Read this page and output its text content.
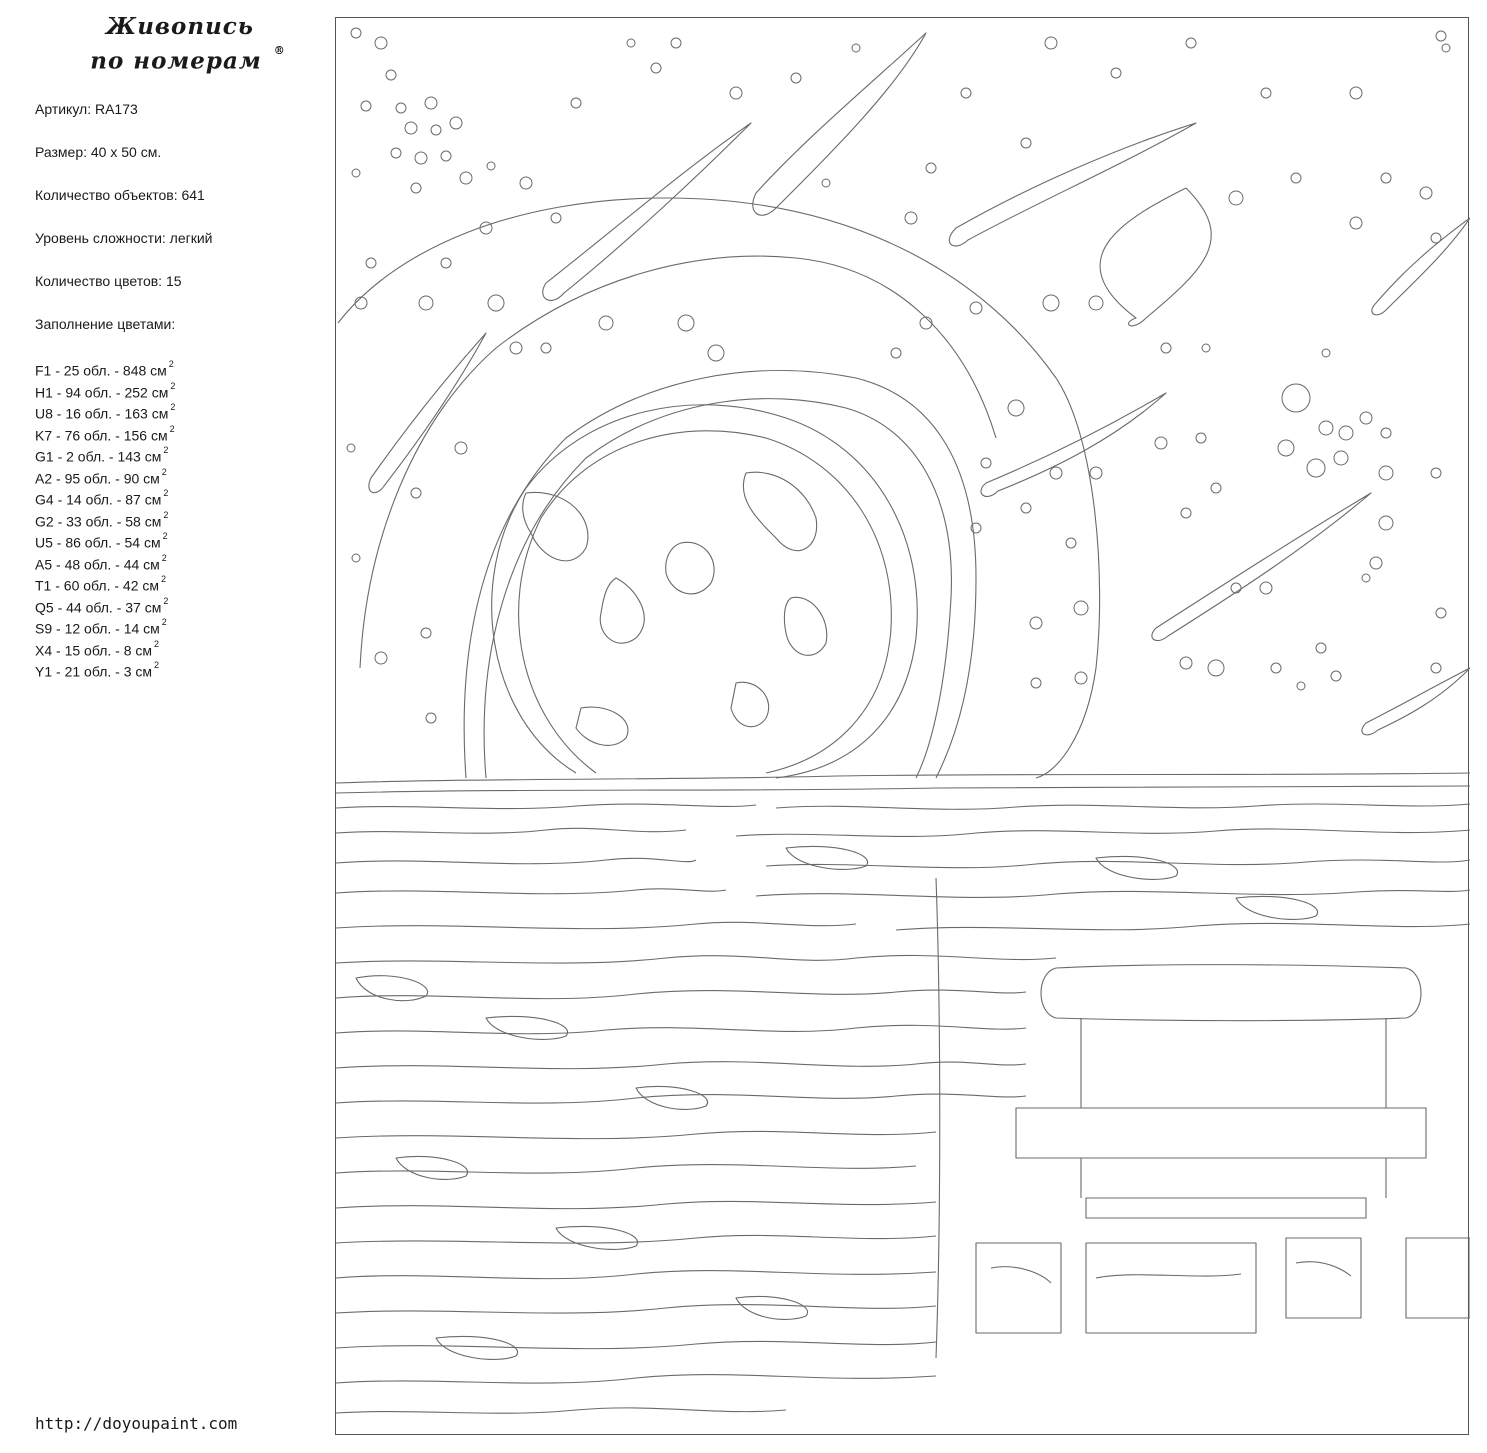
Живопись
по номерам ®
Артикул: RA173
Размер: 40 х 50 см.
Количество объектов: 641
Уровень сложности: легкий
Количество цветов: 15
Заполнение цветами:
F1 - 25 обл. - 848 см $^2$
H1 - 94 обл. - 252 см $^2$
U8 - 16 обл. - 163 см $^2$
K7 - 76 обл. - 156 см $^2$
G1 - 2 обл. - 143 см $^2$
A2 - 95 обл. - 90 см $^2$
G4 - 14 обл. - 87 см $^2$
G2 - 33 обл. - 58 см $^2$
U5 - 86 обл. - 54 см $^2$
A5 - 48 обл. - 44 см $^2$
T1 - 60 обл. - 42 см $^2$
Q5 - 44 обл. - 37 см $^2$
S9 - 12 обл. - 14 см $^2$
X4 - 15 обл. - 8 см $^2$
Y1 - 21 обл. - 3 см $^2$
http://doyoupaint.com
